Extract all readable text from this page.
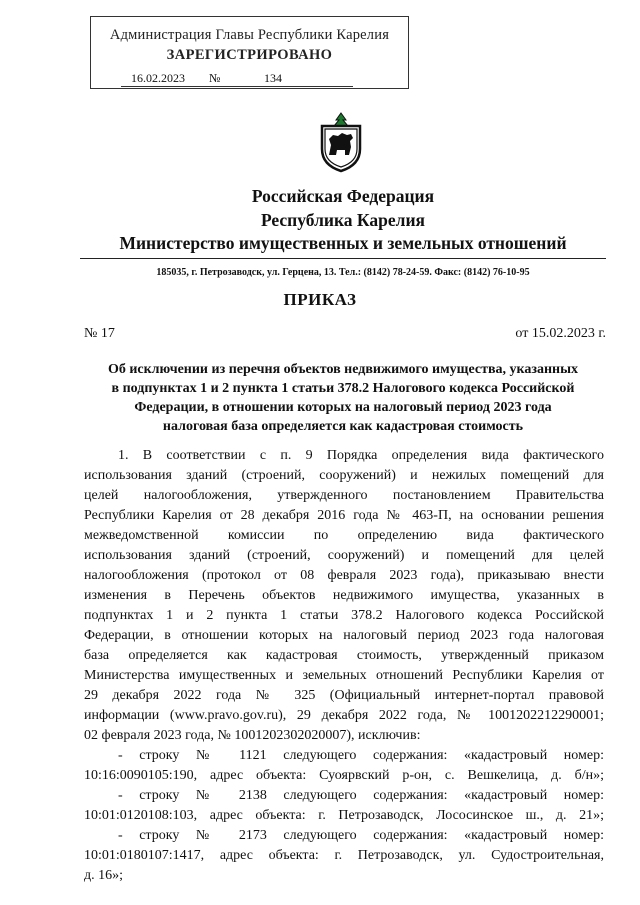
Администрация Главы Республики Карелия
ЗАРЕГИСТРИРОВАНО
16.02.2023 №	134
Российская Федерация
Республика Карелия
Министерство имущественных и земельных отношений
185035, г. Петрозаводск, ул. Герцена, 13. Тел.: (8142) 78-24-59. Факс: (8142) 76-10-95
ПРИКАЗ
№ 17	от 15.02.2023 г.
Об исключении из перечня объектов недвижимого имущества, указанных
в подпунктах 1 и 2 пункта 1 статьи 378.2 Налогового кодекса Российской
Федерации, в отношении которых на налоговый период 2023 года
налоговая база определяется как кадастровая стоимость
1. В соответствии с п. 9 Порядка определения вида фактического
использования зданий (строений, сооружений) и нежилых помещений для
целей налогообложения, утвержденного постановлением Правительства
Республики Карелия от 28 декабря 2016 года № 463-П, на основании решения
межведомственной комиссии по определению вида фактического
использования зданий (строений, сооружений) и помещений для целей
налогообложения (протокол от 08 февраля 2023 года), приказываю внести
изменения в Перечень объектов недвижимого имущества, указанных в
подпунктах 1 и 2 пункта 1 статьи 378.2 Налогового кодекса Российской
Федерации, в отношении которых на налоговый период 2023 года налоговая
база определяется как кадастровая стоимость, утвержденный приказом
Министерства имущественных и земельных отношений Республики Карелия от
29 декабря 2022 года № 325 (Официальный интернет-портал правовой
информации (www.pravo.gov.ru), 29 декабря 2022 года, № 1001202212290001;
02 февраля 2023 года, № 1001202302020007), исключив:
- строку № 1121 следующего содержания: «кадастровый номер:
10:16:0090105:190, адрес объекта: Суоярвский р-он, с. Вешкелица, д. б/н»;
- строку № 2138 следующего содержания: «кадастровый номер:
10:01:0120108:103, адрес объекта: г. Петрозаводск, Лососинское ш., д. 21»;
- строку № 2173 следующего содержания: «кадастровый номер:
10:01:0180107:1417, адрес объекта: г. Петрозаводск, ул. Судостроительная,
д. 16»;
